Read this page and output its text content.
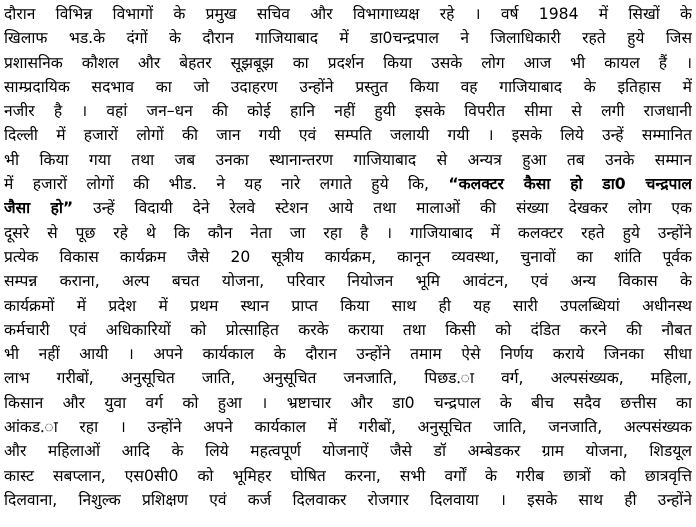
दौरान विभिन्न विभागों के प्रमुख सचिव और विभागाध्यक्ष रहे । वर्ष 1984 में सिखों के
खिलाफ भड.के दंगों के दौरान गाजियाबाद में डा0चन्द्रपाल ने जिलाधिकारी रहते हुये जिस
प्रशासनिक कौशल और बेहतर सूझबूझ का प्रदर्शन किया उसके लोग आज भी कायल हैं ।
साम्प्रदायिक सदभाव का जो उदाहरण उन्होंने प्रस्तुत किया वह गाजियाबाद के इतिहास में
नजीर है । वहां जन–धन की कोई हानि नहीं हुयी इसके विपरीत सीमा से लगी राजधानी
दिल्ली में हजारों लोगों की जान गयी एवं सम्पति जलायी गयी । इसके लिये उन्हें सम्मानित
भी किया गया तथा जब उनका स्थानान्तरण गाजियाबाद से अन्यत्र हुआ तब उनके सम्मान
में हजारों लोगों की भीड. ने यह नारे लगाते हुये कि, “कलक्टर कैसा हो डा0 चन्द्रपाल
जैसा हो” उन्हें विदायी देने रेलवे स्टेशन आये तथा मालाओं की संख्या देखकर लोग एक
दूसरे से पूछ रहे थे कि कौन नेता जा रहा है । गाजियाबाद में कलक्टर रहते हुये उन्होंने
प्रत्येक विकास कार्यक्रम जैसे 20 सूत्रीय कार्यक्रम, कानून व्यवस्था, चुनावों का शांति पूर्वक
सम्पन्न कराना, अल्प बचत योजना, परिवार नियोजन भूमि आवंटन, एवं अन्य विकास के
कार्यक्रमों में प्रदेश में प्रथम स्थान प्राप्त किया साथ ही यह सारी उपलब्धियां अधीनस्थ
कर्मचारी एवं अधिकारियों को प्रोत्साहित करके कराया तथा किसी को दंडित करने की नौबत
भी नहीं आयी । अपने कार्यकाल के दौरान उन्होंने तमाम ऐसे निर्णय कराये जिनका सीधा
लाभ गरीबों, अनुसूचित जाति, अनुसूचित जनजाति, पिछड.ा वर्ग, अल्पसंख्यक, महिला,
किसान और युवा वर्ग को हुआ । भ्रष्टाचार और डा0 चन्द्रपाल के बीच सदैव छत्तीस का
आंकड.ा रहा । उन्होंने अपने कार्यकाल में गरीबों, अनुसूचित जाति, जनजाति, अल्पसंख्यक
और महिलाओं आदि के लिये महत्वपूर्ण योजनाऐं जैसे डॉ अम्बेडकर ग्राम योजना, शिडयूल
कास्ट सबप्लान, एस0सी0 को भूमिहर घोषित करना, सभी वर्गों के गरीब छात्रों को छात्रवृत्ति
दिलवाना, निशुल्क प्रशिक्षण एवं कर्ज दिलवाकर रोजगार दिलवाया । इसके साथ ही उन्होंने
